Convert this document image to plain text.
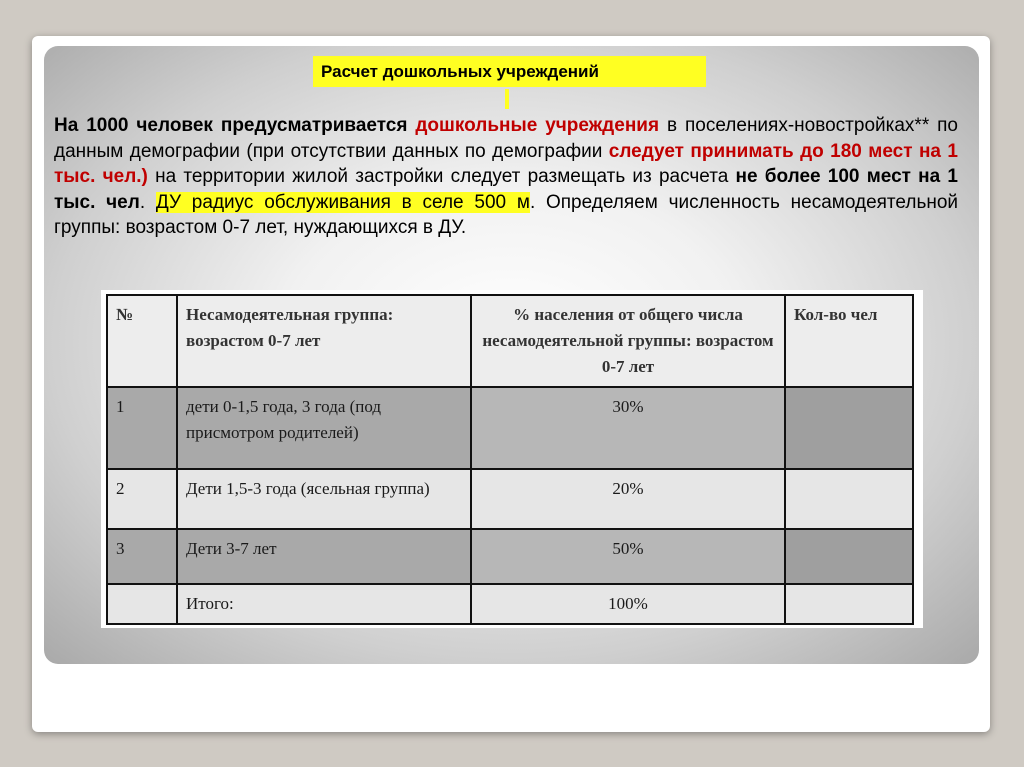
Расчет дошкольных учреждений
На 1000 человек предусматривается дошкольные учреждения в поселениях-новостройках** по данным демографии (при отсутствии данных по демографии следует принимать до 180 мест на 1 тыс. чел.) на территории жилой застройки следует размещать из расчета не более 100 мест на 1 тыс. чел. ДУ радиус обслуживания в селе 500 м. Определяем численность несамодеятельной группы: возрастом 0-7 лет, нуждающихся в ДУ.
№	Несамодеятельная группа: возрастом 0-7 лет	% населения от общего числа несамодеятельной группы: возрастом 0-7 лет	Кол-во чел
1	дети 0-1,5 года, 3 года (под присмотром родителей)	30%	
2	Дети 1,5-3 года (ясельная группа)	20%	
3	Дети 3-7 лет	50%	
	Итого:	100%	
